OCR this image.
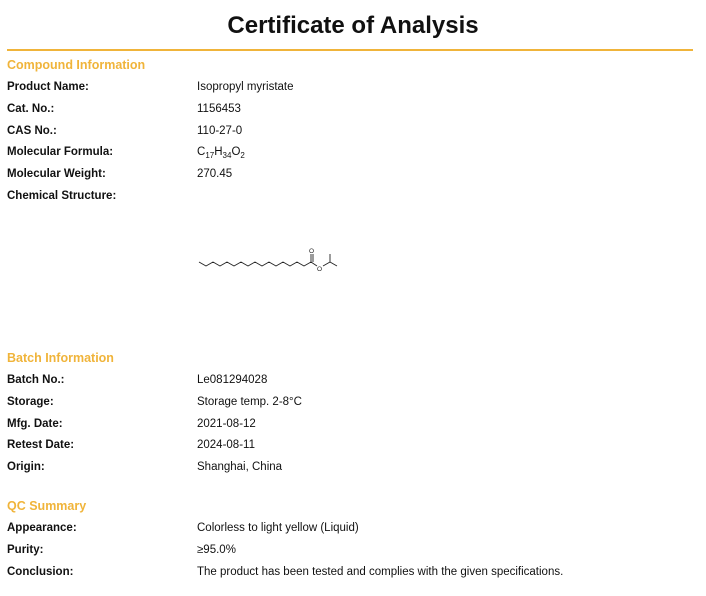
Certificate of Analysis
Compound Information
Product Name:	Isopropyl myristate
Cat. No.:	1156453
CAS No.:	110-27-0
Molecular Formula:	$C_{17}H_{34}O_2$
Molecular Weight:	270.45
Chemical Structure:
O
O
Batch Information
Batch No.:	Le081294028
Storage:	Storage temp. 2-8°C
Mfg. Date:	2021-08-12
Retest Date:	2024-08-11
Origin:	Shanghai, China
QC Summary
Appearance:	Colorless to light yellow (Liquid)
Purity:	≥95.0%
Conclusion:	The product has been tested and complies with the given specifications.
